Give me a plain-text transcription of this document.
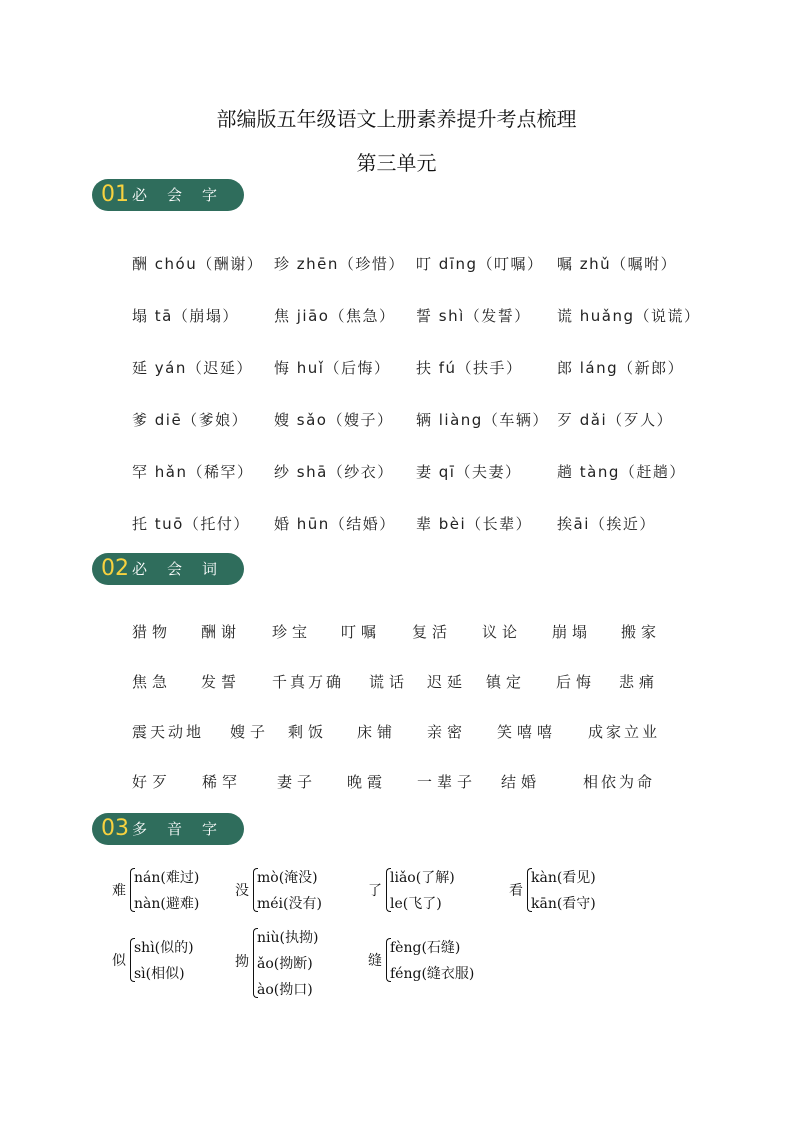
部编版五年级语文上册素养提升考点梳理
第三单元
01 必会字
酬 chóu（酬谢） 珍 zhēn（珍惜） 叮 dīng（叮嘱） 嘱 zhǔ（嘱咐）
塌 tā（崩塌） 焦 jiāo（焦急） 誓 shì（发誓） 谎 huǎng（说谎）
延 yán（迟延） 悔 huǐ（后悔） 扶 fú（扶手） 郎 láng（新郎）
爹 diē（爹娘） 嫂 sǎo（嫂子） 辆 liàng（车辆） 歹 dǎi（歹人）
罕 hǎn（稀罕） 纱 shā（纱衣） 妻 qī（夫妻） 趟 tàng（赶趟）
托 tuō（托付） 婚 hūn（结婚） 辈 bèi（长辈） 挨āi（挨近）
02 必会词
猎物 酬谢 珍宝 叮嘱 复活 议论 崩塌 搬家
焦急 发誓 千真万确 谎话 迟延 镇定 后悔 悲痛
震天动地 嫂子 剩饭 床铺 亲密 笑嘻嘻 成家立业
好歹 稀罕 妻子 晚霞 一辈子 结婚	相依为命
03 多音字
难
nán(难过)
nàn(避难)
没
mò(淹没)
méi(没有)
了
liǎo(了解)
le(飞了)
看
kàn(看见)
kān(看守)
似
shì(似的)
sì(相似)
拗
niù(执拗)
ǎo(拗断)
ào(拗口)
缝
fèng(石缝)
féng(缝衣服)
